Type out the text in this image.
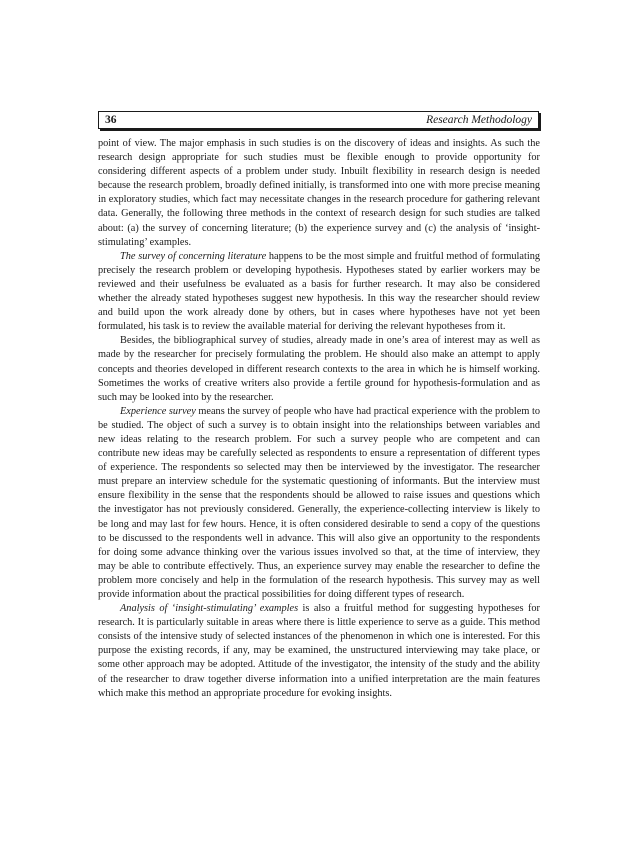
36	Research Methodology

point of view. The major emphasis in such studies is on the discovery of ideas and insights. As such the research design appropriate for such studies must be flexible enough to provide opportunity for considering different aspects of a problem under study. Inbuilt flexibility in research design is needed because the research problem, broadly defined initially, is transformed into one with more precise meaning in exploratory studies, which fact may necessitate changes in the research procedure for gathering relevant data. Generally, the following three methods in the context of research design for such studies are talked about: (a) the survey of concerning literature; (b) the experience survey and (c) the analysis of ‘insight-stimulating’ examples.

The survey of concerning literature happens to be the most simple and fruitful method of formulating precisely the research problem or developing hypothesis. Hypotheses stated by earlier workers may be reviewed and their usefulness be evaluated as a basis for further research. It may also be considered whether the already stated hypotheses suggest new hypothesis. In this way the researcher should review and build upon the work already done by others, but in cases where hypotheses have not yet been formulated, his task is to review the available material for deriving the relevant hypotheses from it.

Besides, the bibliographical survey of studies, already made in one’s area of interest may as well as made by the researcher for precisely formulating the problem. He should also make an attempt to apply concepts and theories developed in different research contexts to the area in which he is himself working. Sometimes the works of creative writers also provide a fertile ground for hypothesis-formulation and as such may be looked into by the researcher.

Experience survey means the survey of people who have had practical experience with the problem to be studied. The object of such a survey is to obtain insight into the relationships between variables and new ideas relating to the research problem. For such a survey people who are competent and can contribute new ideas may be carefully selected as respondents to ensure a representation of different types of experience. The respondents so selected may then be interviewed by the investigator. The researcher must prepare an interview schedule for the systematic questioning of informants. But the interview must ensure flexibility in the sense that the respondents should be allowed to raise issues and questions which the investigator has not previously considered. Generally, the experience-collecting interview is likely to be long and may last for few hours. Hence, it is often considered desirable to send a copy of the questions to be discussed to the respondents well in advance. This will also give an opportunity to the respondents for doing some advance thinking over the various issues involved so that, at the time of interview, they may be able to contribute effectively. Thus, an experience survey may enable the researcher to define the problem more concisely and help in the formulation of the research hypothesis. This survey may as well provide information about the practical possibilities for doing different types of research.

Analysis of ‘insight-stimulating’ examples is also a fruitful method for suggesting hypotheses for research. It is particularly suitable in areas where there is little experience to serve as a guide. This method consists of the intensive study of selected instances of the phenomenon in which one is interested. For this purpose the existing records, if any, may be examined, the unstructured interviewing may take place, or some other approach may be adopted. Attitude of the investigator, the intensity of the study and the ability of the researcher to draw together diverse information into a unified interpretation are the main features which make this method an appropriate procedure for evoking insights.
